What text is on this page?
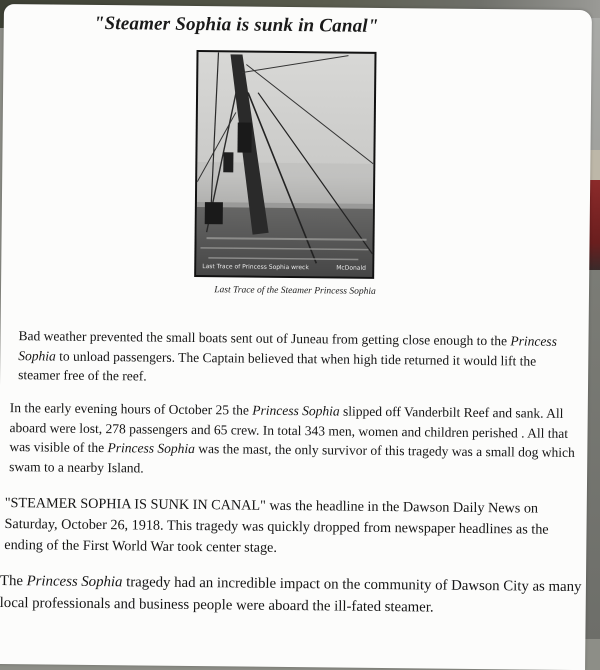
"Steamer Sophia is sunk in Canal"
Last Trace of Princess Sophia wreck	McDonald
Last Trace of the Steamer Princess Sophia

Bad weather prevented the small boats sent out of Juneau from getting close enough to the Princess Sophia to unload passengers. The Captain believed that when high tide returned it would lift the steamer free of the reef.

In the early evening hours of October 25 the Princess Sophia slipped off Vanderbilt Reef and sank. All aboard were lost, 278 passengers and 65 crew. In total 343 men, women and children perished . All that was visible of the Princess Sophia was the mast, the only survivor of this tragedy was a small dog which swam to a nearby Island.

"STEAMER SOPHIA IS SUNK IN CANAL" was the headline in the Dawson Daily News on Saturday, October 26, 1918. This tragedy was quickly dropped from newspaper headlines as the ending of the First World War took center stage.

The Princess Sophia tragedy had an incredible impact on the community of Dawson City as many local professionals and business people were aboard the ill-fated steamer.
